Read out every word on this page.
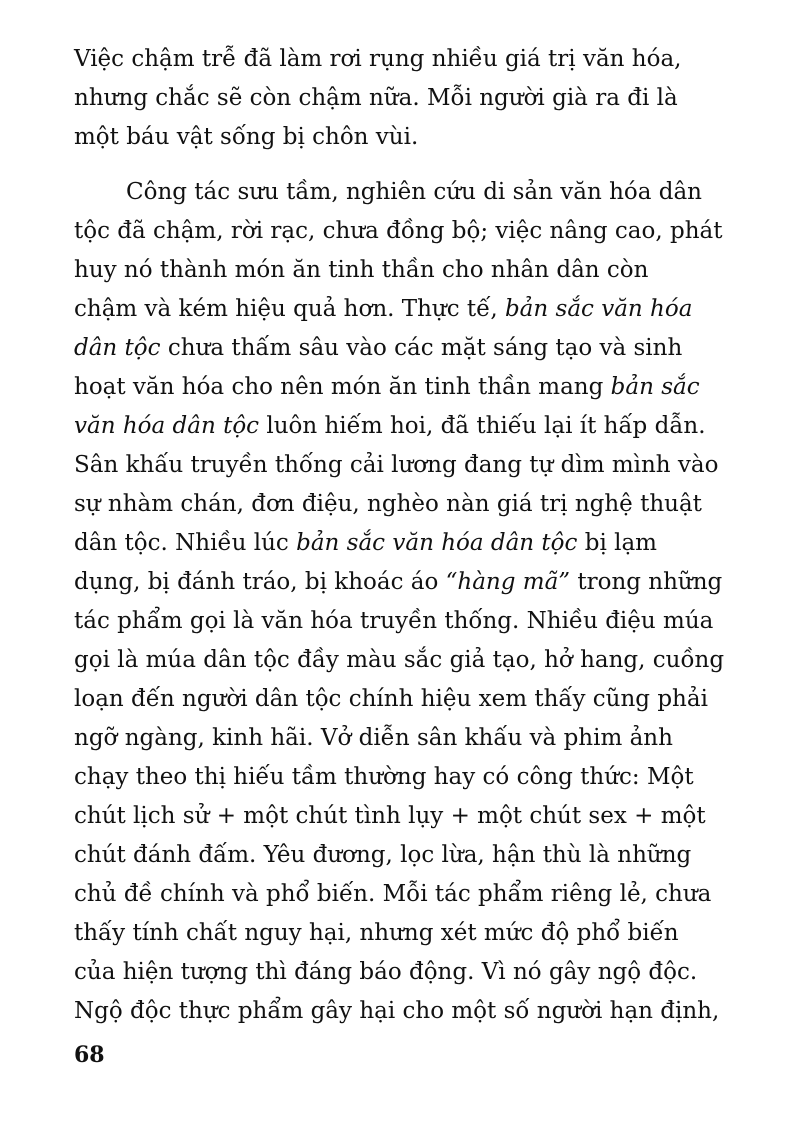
Việc chậm trễ đã làm rơi rụng nhiều giá trị văn hóa,
nhưng chắc sẽ còn chậm nữa. Mỗi người già ra đi là
một báu vật sống bị chôn vùi.
Công tác sưu tầm, nghiên cứu di sản văn hóa dân
tộc đã chậm, rời rạc, chưa đồng bộ; việc nâng cao, phát
huy nó thành món ăn tinh thần cho nhân dân còn
chậm và kém hiệu quả hơn. Thực tế, bản sắc văn hóa
dân tộc chưa thấm sâu vào các mặt sáng tạo và sinh
hoạt văn hóa cho nên món ăn tinh thần mang bản sắc
văn hóa dân tộc luôn hiếm hoi, đã thiếu lại ít hấp dẫn.
Sân khấu truyền thống cải lương đang tự dìm mình vào
sự nhàm chán, đơn điệu, nghèo nàn giá trị nghệ thuật
dân tộc. Nhiều lúc bản sắc văn hóa dân tộc bị lạm
dụng, bị đánh tráo, bị khoác áo “hàng mã” trong những
tác phẩm gọi là văn hóa truyền thống. Nhiều điệu múa
gọi là múa dân tộc đầy màu sắc giả tạo, hở hang, cuồng
loạn đến người dân tộc chính hiệu xem thấy cũng phải
ngỡ ngàng, kinh hãi. Vở diễn sân khấu và phim ảnh
chạy theo thị hiếu tầm thường hay có công thức: Một
chút lịch sử + một chút tình lụy + một chút sex + một
chút đánh đấm. Yêu đương, lọc lừa, hận thù là những
chủ đề chính và phổ biến. Mỗi tác phẩm riêng lẻ, chưa
thấy tính chất nguy hại, nhưng xét mức độ phổ biến
của hiện tượng thì đáng báo động. Vì nó gây ngộ độc.
Ngộ độc thực phẩm gây hại cho một số người hạn định,
68
